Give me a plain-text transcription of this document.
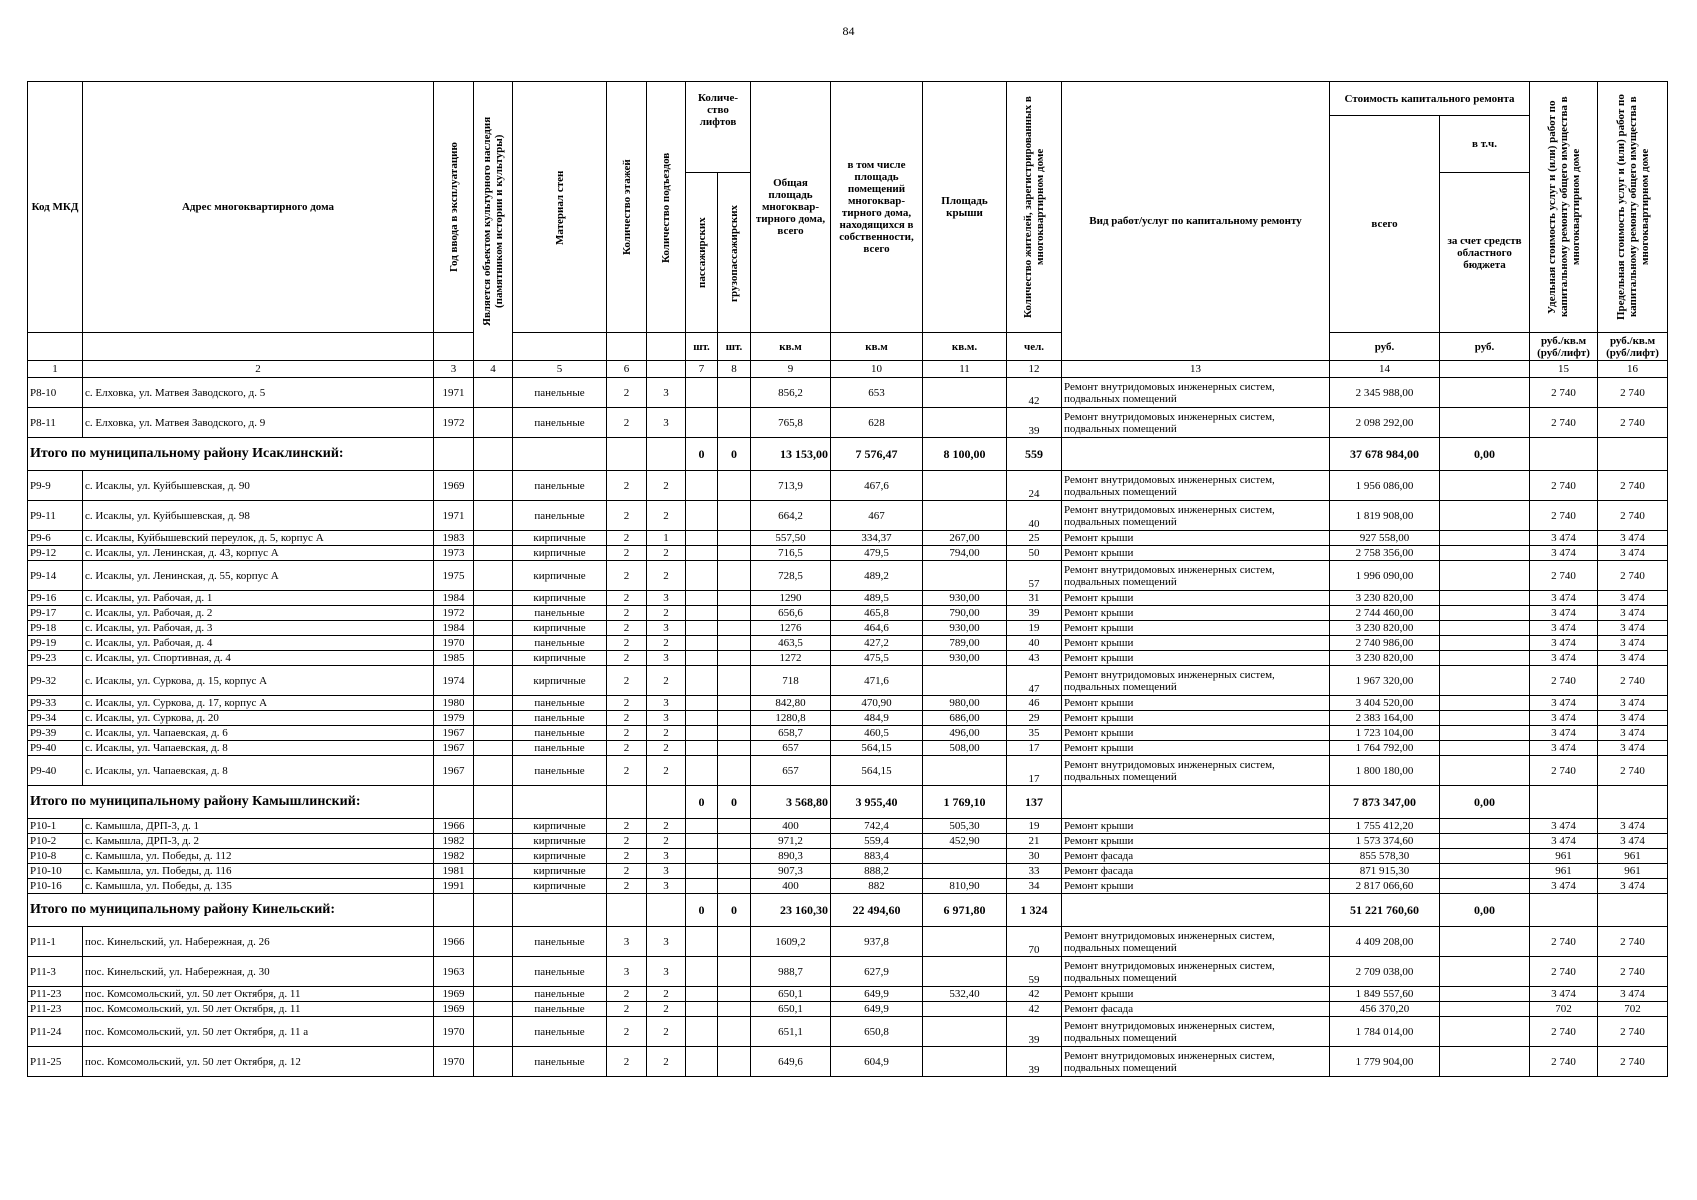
84
Код МКД	Адрес многоквартирного дома	Год ввода в эксплуатацию	Является объектом культурного наследия (памятником истории и культуры)	Материал стен	Количество этажей	Количество подъездов	Количе-ство лифтов		Общая площадь многоквар-тирного дома, всего	в том числе площадь помещений многоквар-тирного дома, находящихся в собственности, всего	Площадь крыши	Количество жителей, зарегистрированных в многоквартирном доме	Вид работ/услуг по капитальному ремонту	Стоимость капитального ремонта		Удельная стоимость услуг и (или) работ по капитальному ремонту общего имущества в многоквартирном доме	Предельная стоимость услуг и (или) работ по капитальному ремонту общего имущества в многоквартирном доме

														всего	в т.ч.		

							пассажирских	грузопассажирских							за счет средств областного бюджета		
							шт.	шт.	кв.м	кв.м	кв.м.	чел.		руб.	руб.	руб./кв.м (руб/лифт)	руб./кв.м (руб/лифт)
1	2	3	4	5	6		7	8	9	10	11	12	13	14		15	16
Р8-10	с. Елховка, ул. Матвея Заводского, д. 5	1971		панельные	2	3			856,2	653		42	Ремонт внутридомовых инженерных систем, подвальных помещений	2 345 988,00		2 740	2 740
Р8-11	с. Елховка, ул. Матвея Заводского, д. 9	1972		панельные	2	3			765,8	628		39	Ремонт внутридомовых инженерных систем, подвальных помещений	2 098 292,00		2 740	2 740
Итого по муниципальному району Исаклинский:							0	0	13 153,00	7 576,47	8 100,00	559		37 678 984,00	0,00		
Р9-9	с. Исаклы, ул. Куйбышевская, д. 90	1969		панельные	2	2			713,9	467,6		24	Ремонт внутридомовых инженерных систем, подвальных помещений	1 956 086,00		2 740	2 740
Р9-11	с. Исаклы, ул. Куйбышевская, д. 98	1971		панельные	2	2			664,2	467		40	Ремонт внутридомовых инженерных систем, подвальных помещений	1 819 908,00		2 740	2 740
Р9-6	с. Исаклы, Куйбышевский переулок, д. 5, корпус А	1983		кирпичные	2	1			557,50	334,37	267,00	25	Ремонт крыши	927 558,00		3 474	3 474
Р9-12	с. Исаклы, ул. Ленинская, д. 43, корпус А	1973		кирпичные	2	2			716,5	479,5	794,00	50	Ремонт крыши	2 758 356,00		3 474	3 474
Р9-14	с. Исаклы, ул. Ленинская, д. 55, корпус А	1975		кирпичные	2	2			728,5	489,2		57	Ремонт внутридомовых инженерных систем, подвальных помещений	1 996 090,00		2 740	2 740
Р9-16	с. Исаклы, ул. Рабочая, д. 1	1984		кирпичные	2	3			1290	489,5	930,00	31	Ремонт крыши	3 230 820,00		3 474	3 474
Р9-17	с. Исаклы, ул. Рабочая, д. 2	1972		панельные	2	2			656,6	465,8	790,00	39	Ремонт крыши	2 744 460,00		3 474	3 474
Р9-18	с. Исаклы, ул. Рабочая, д. 3	1984		кирпичные	2	3			1276	464,6	930,00	19	Ремонт крыши	3 230 820,00		3 474	3 474
Р9-19	с. Исаклы, ул. Рабочая, д. 4	1970		панельные	2	2			463,5	427,2	789,00	40	Ремонт крыши	2 740 986,00		3 474	3 474
Р9-23	с. Исаклы, ул. Спортивная, д. 4	1985		кирпичные	2	3			1272	475,5	930,00	43	Ремонт крыши	3 230 820,00		3 474	3 474
Р9-32	с. Исаклы, ул. Суркова, д. 15, корпус А	1974		кирпичные	2	2			718	471,6		47	Ремонт внутридомовых инженерных систем, подвальных помещений	1 967 320,00		2 740	2 740
Р9-33	с. Исаклы, ул. Суркова, д. 17, корпус А	1980		панельные	2	3			842,80	470,90	980,00	46	Ремонт крыши	3 404 520,00		3 474	3 474
Р9-34	с. Исаклы, ул. Суркова, д. 20	1979		панельные	2	3			1280,8	484,9	686,00	29	Ремонт крыши	2 383 164,00		3 474	3 474
Р9-39	с. Исаклы, ул. Чапаевская, д. 6	1967		панельные	2	2			658,7	460,5	496,00	35	Ремонт крыши	1 723 104,00		3 474	3 474
Р9-40	с. Исаклы, ул. Чапаевская, д. 8	1967		панельные	2	2			657	564,15	508,00	17	Ремонт крыши	1 764 792,00		3 474	3 474
Р9-40	с. Исаклы, ул. Чапаевская, д. 8	1967		панельные	2	2			657	564,15		17	Ремонт внутридомовых инженерных систем, подвальных помещений	1 800 180,00		2 740	2 740
Итого по муниципальному району Камышлинский:							0	0	3 568,80	3 955,40	1 769,10	137		7 873 347,00	0,00		
Р10-1	с. Камышла, ДРП-3, д. 1	1966		кирпичные	2	2			400	742,4	505,30	19	Ремонт крыши	1 755 412,20		3 474	3 474
Р10-2	с. Камышла, ДРП-3, д. 2	1982		кирпичные	2	2			971,2	559,4	452,90	21	Ремонт крыши	1 573 374,60		3 474	3 474
Р10-8	с. Камышла, ул. Победы, д. 112	1982		кирпичные	2	3			890,3	883,4		30	Ремонт фасада	855 578,30		961	961
Р10-10	с. Камышла, ул. Победы, д. 116	1981		кирпичные	2	3			907,3	888,2		33	Ремонт фасада	871 915,30		961	961
Р10-16	с. Камышла, ул. Победы, д. 135	1991		кирпичные	2	3			400	882	810,90	34	Ремонт крыши	2 817 066,60		3 474	3 474
Итого по муниципальному району Кинельский:							0	0	23 160,30	22 494,60	6 971,80	1 324		51 221 760,60	0,00		
Р11-1	пос. Кинельский, ул. Набережная, д. 26	1966		панельные	3	3			1609,2	937,8		70	Ремонт внутридомовых инженерных систем, подвальных помещений	4 409 208,00		2 740	2 740
Р11-3	пос. Кинельский, ул. Набережная, д. 30	1963		панельные	3	3			988,7	627,9		59	Ремонт внутридомовых инженерных систем, подвальных помещений	2 709 038,00		2 740	2 740
Р11-23	пос. Комсомольский, ул. 50 лет Октября, д. 11	1969		панельные	2	2			650,1	649,9	532,40	42	Ремонт крыши	1 849 557,60		3 474	3 474
Р11-23	пос. Комсомольский, ул. 50 лет Октября, д. 11	1969		панельные	2	2			650,1	649,9		42	Ремонт фасада	456 370,20		702	702
Р11-24	пос. Комсомольский, ул. 50 лет Октября, д. 11 а	1970		панельные	2	2			651,1	650,8		39	Ремонт внутридомовых инженерных систем, подвальных помещений	1 784 014,00		2 740	2 740
Р11-25	пос. Комсомольский, ул. 50 лет Октября, д. 12	1970		панельные	2	2			649,6	604,9		39	Ремонт внутридомовых инженерных систем, подвальных помещений	1 779 904,00		2 740	2 740
